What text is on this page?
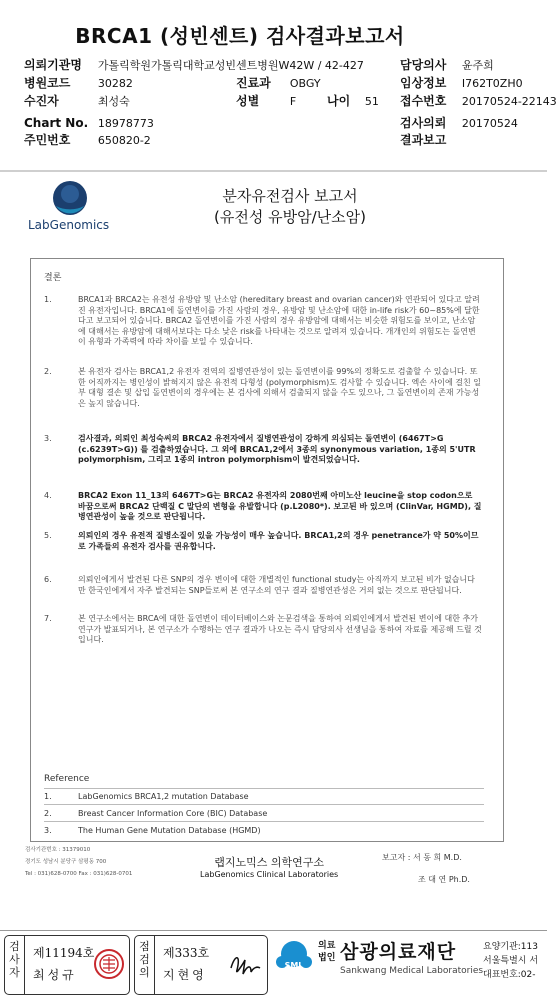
BRCA1 (성빈센트) 검사결과보고서
의뢰기관명 가톨릭학원가톨릭대학교성빈센트병원W42W / 42-427
병원코드 30282
수진자	최성숙
Chart No. 18978773
주민번호 650820-2
진료과 OBGY
성별	F	나이 51
담당의사 윤주희
임상정보 I762T0ZH0
접수번호 20170524-22143
검사의뢰 20170524
결과보고
LabGenomics
분자유전검사 보고서
(유전성 유방암/난소암)
결론
1.	BRCA1과 BRCA2는 유전성 유방암 및 난소암 (hereditary breast and ovarian cancer)와 연관되어 있다고 알려진 유전자입니다. BRCA1에 돌연변이를 가진 사람의 경우, 유방암 및 난소암에 대한 in-life risk가 60~85%에 달한다고 보고되어 있습니다. BRCA2 돌연변이를 가진 사람의 경우 유방암에 대해서는 비슷한 위험도를 보이고, 난소암에 대해서는 유방암에 대해서보다는 다소 낮은 risk를 나타내는 것으로 알려져 있습니다. 개개인의 위험도는 돌연변이 유형과 가족력에 따라 차이를 보일 수 있습니다.
2.	본 유전자 검사는 BRCA1,2 유전자 전역의 질병연관성이 있는 돌연변이를 99%의 정확도로 검출할 수 있습니다. 또한 어직까지는 병인성이 밝혀지지 않은 유전적 다형성 (polymorphism)도 검사할 수 있습니다. 엑손 사이에 걸친 일부 대형 결손 및 삽입 돌연변이의 경우에는 본 검사에 의해서 검출되지 않을 수도 있으나, 그 돌연변이의 존재 가능성은 높지 않습니다.
3.	검사결과, 의뢰인 최성숙씨의 BRCA2 유전자에서 질병연관성이 강하게 의심되는 돌연변이 (6467T>G (c.6239T>G)) 를 검출하였습니다. 그 외에 BRCA1,2에서 3종의 synonymous variation, 1종의 5'UTR polymorphism, 그리고 1종의 intron polymorphism이 발견되었습니다.
4.	BRCA2 Exon 11_13의 6467T>G는 BRCA2 유전자의 2080번째 아미노산 leucine을 stop codon으로 바꿈으로써 BRCA2 단백질 C 말단의 변형을 유발합니다 (p.L2080*). 보고된 바 있으며 (ClinVar, HGMD), 질병연관성이 높을 것으로 판단됩니다.
5.	의뢰인의 경우 유전적 질병소질이 있을 가능성이 매우 높습니다. BRCA1,2의 경우 penetrance가 약 50%이므로 가족들의 유전자 검사를 권유합니다.
6.	의뢰인에게서 발견된 다른 SNP의 경우 변이에 대한 개별적인 functional study는 아직까지 보고된 비가 없습니다만 한국인에게서 자주 발견되는 SNP들로써 본 연구소의 연구 결과 질병연관성은 거의 없는 것으로 판단됩니다.
7.	본 연구소에서는 BRCA에 대한 돌연변이 데이터베이스와 논문검색을 통하여 의뢰인에게서 발견된 변이에 대한 추가 연구가 발표되거나, 본 연구소가 수행하는 연구 결과가 나오는 즉시 담당의사 선생님을 통하여 자료를 제공해 드릴 것입니다.
Reference
1.	LabGenomics BRCA1,2 mutation Database
2.	Breast Cancer Information Core (BIC) Database
3.	The Human Gene Mutation Database (HGMD)
검사기관번호 : 31379010
경기도 성남시 분당구 삼평동 700
Tel : 031)628-0700 Fax : 031)628-0701
랩지노믹스 의학연구소
LabGenomics Clinical Laboratories
보고자 : 서 동 희 M.D.
조 대 연 Ph.D.
검사자
제11194호
최성규
점검의
제333호
지현영
SML
의료법인 삼광의료재단
Sankwang Medical Laboratories
요양기관:113
서울특별시 서
대표번호:02-
